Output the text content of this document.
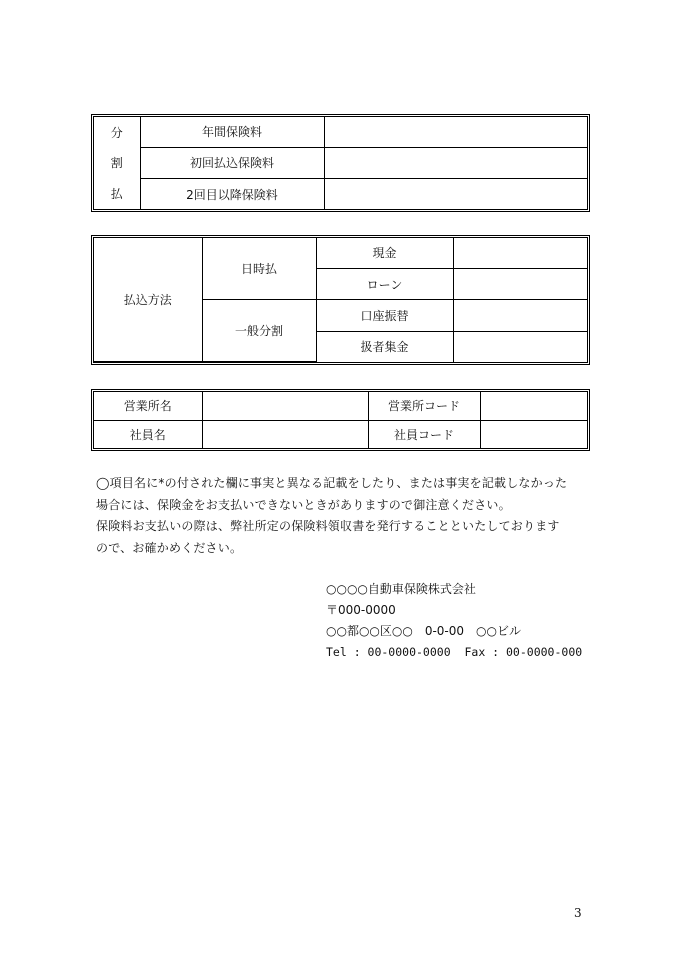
分	年間保険料	
割	初回払込保険料	
払	2回目以降保険料	
払込方法	日時払	現金	
		ローン	
	一般分割	口座振替	
		扱者集金	
営業所名		営業所コード	
社員名		社員コード	

◯項目名に*の付された欄に事実と異なる記載をしたり、または事実を記載しなかった

場合には、保険金をお支払いできないときがありますので御注意ください。

保険料お支払いの際は、弊社所定の保険料領収書を発行することといたしております

ので、お確かめください。

○○○○自動車保険株式会社

〒000-0000

○○都○○区○○　0-0-00　○○ビル

Tel : 00-0000-0000  Fax : 00-0000-000

3
